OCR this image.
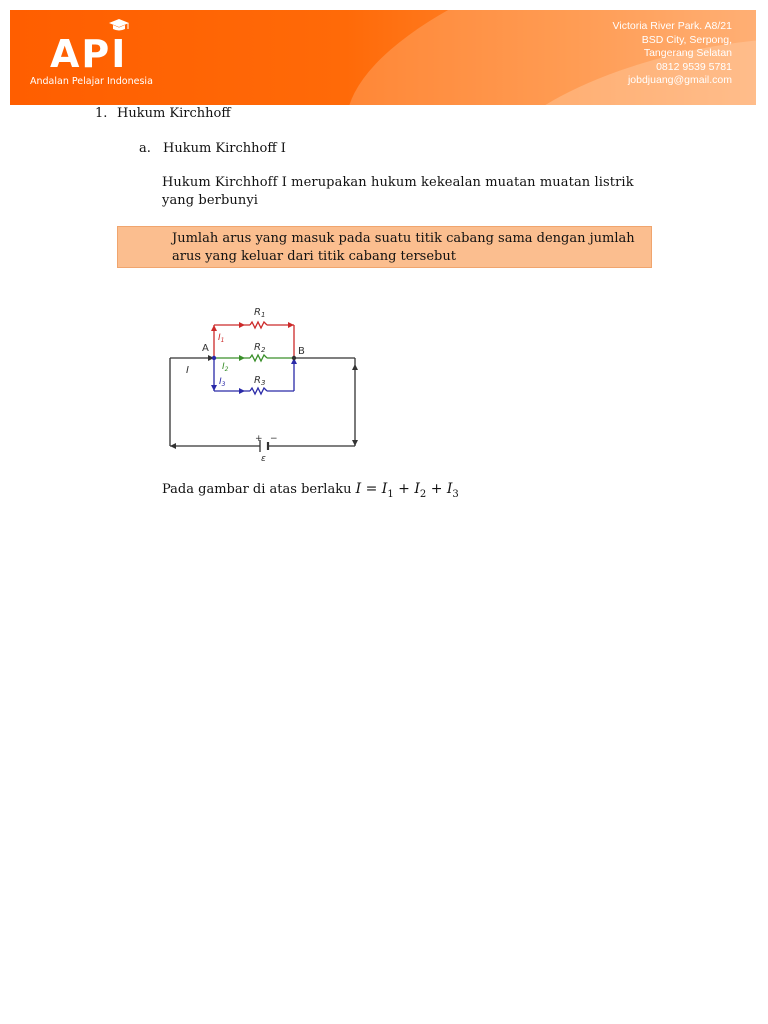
API
Andalan Pelajar Indonesia
Victoria River Park. A8/21
BSD City, Serpong,
Tangerang Selatan
0812 9539 5781
jobdjuang@gmail.com
1. Hukum Kirchhoff
a. Hukum Kirchhoff I
Hukum Kirchhoff I merupakan hukum kekealan muatan muatan listrik yang berbunyi
Jumlah arus yang masuk pada suatu titik cabang sama dengan jumlah arus yang keluar dari titik cabang tersebut
$R_1$
$R_2$
$R_3$
$I_1$
$I_2$
$I_3$
A	B
I
+ −
ε
Pada gambar di atas berlaku $I = I_1 + I_2 + I_3$
